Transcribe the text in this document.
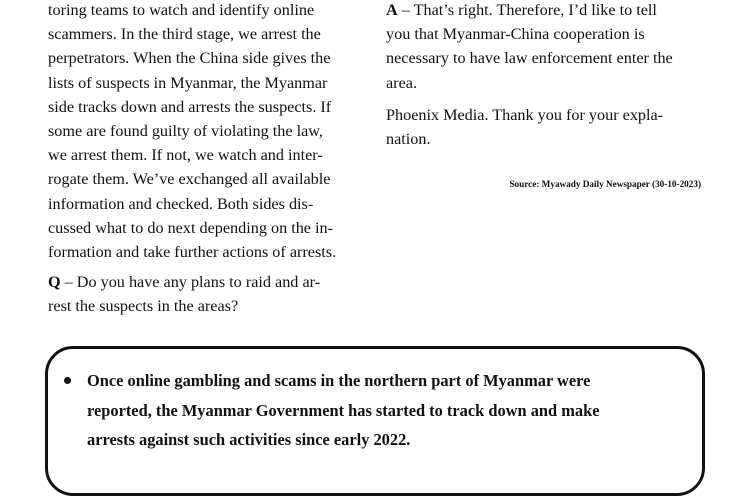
toring teams to watch and identify online
scammers. In the third stage, we arrest the
perpetrators. When the China side gives the
lists of suspects in Myanmar, the Myanmar
side tracks down and arrests the suspects. If
some are found guilty of violating the law,
we arrest them. If not, we watch and inter-
rogate them. We’ve exchanged all available
information and checked. Both sides dis-
cussed what to do next depending on the in-
formation and take further actions of arrests.

Q – Do you have any plans to raid and ar-
rest the suspects in the areas?

A – That’s right. Therefore, I’d like to tell
you that Myanmar-China cooperation is
necessary to have law enforcement enter the
area.

Phoenix Media. Thank you for your expla-
nation.

Source: Myawady Daily Newspaper (30-10-2023)
Once online gambling and scams in the northern part of Myanmar were
reported, the Myanmar Government has started to track down and make
arrests against such activities since early 2022.
